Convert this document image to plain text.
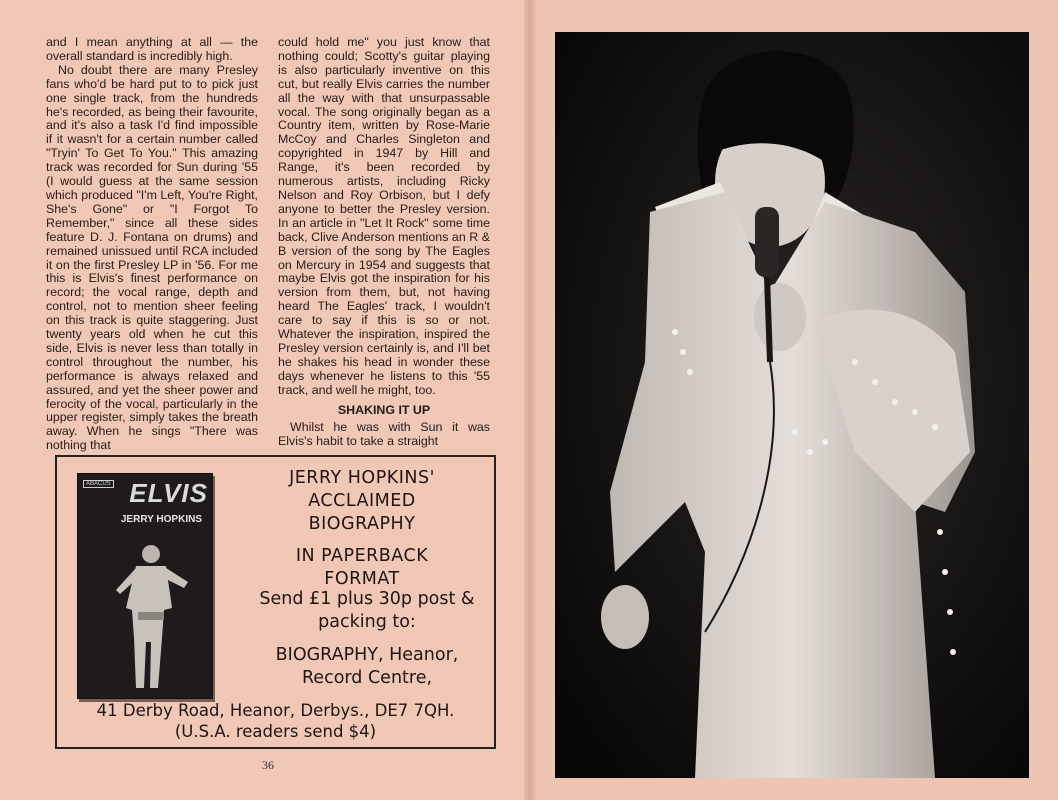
and I mean anything at all — the overall standard is incredibly high.

No doubt there are many Presley fans who'd be hard put to to pick just one single track, from the hundreds he's recorded, as being their favourite, and it's also a task I'd find impossible if it wasn't for a certain number called "Tryin' To Get To You." This amazing track was recorded for Sun during '55 (I would guess at the same session which produced "I'm Left, You're Right, She's Gone" or "I Forgot To Remember," since all these sides feature D. J. Fontana on drums) and remained unissued until RCA included it on the first Presley LP in '56. For me this is Elvis's finest performance on record; the vocal range, depth and control, not to mention sheer feeling on this track is quite staggering. Just twenty years old when he cut this side, Elvis is never less than totally in control throughout the number, his performance is always relaxed and assured, and yet the sheer power and ferocity of the vocal, particularly in the upper register, simply takes the breath away. When he sings "There was nothing that

could hold me" you just know that nothing could; Scotty's guitar playing is also particularly inventive on this cut, but really Elvis carries the number all the way with that unsurpassable vocal. The song originally began as a Country item, written by Rose-Marie McCoy and Charles Singleton and copyrighted in 1947 by Hill and Range, it's been recorded by numerous artists, including Ricky Nelson and Roy Orbison, but I defy anyone to better the Presley version. In an article in "Let It Rock" some time back, Clive Anderson mentions an R & B version of the song by The Eagles on Mercury in 1954 and suggests that maybe Elvis got the inspiration for his version from them, but, not having heard The Eagles' track, I wouldn't care to say if this is so or not. Whatever the inspiration, inspired the Presley version certainly is, and I'll bet he shakes his head in wonder these days whenever he listens to this '55 track, and well he might, too.

SHAKING IT UP

Whilst he was with Sun it was Elvis's habit to take a straight

ABACUS ELVIS
JERRY HOPKINS
JERRY HOPKINS'
ACCLAIMED
BIOGRAPHY
IN PAPERBACK
FORMAT
Send £1 plus 30p post &
packing to:
BIOGRAPHY, Heanor,
Record Centre,
41 Derby Road, Heanor, Derbys., DE7 7QH.
(U.S.A. readers send $4)
36
